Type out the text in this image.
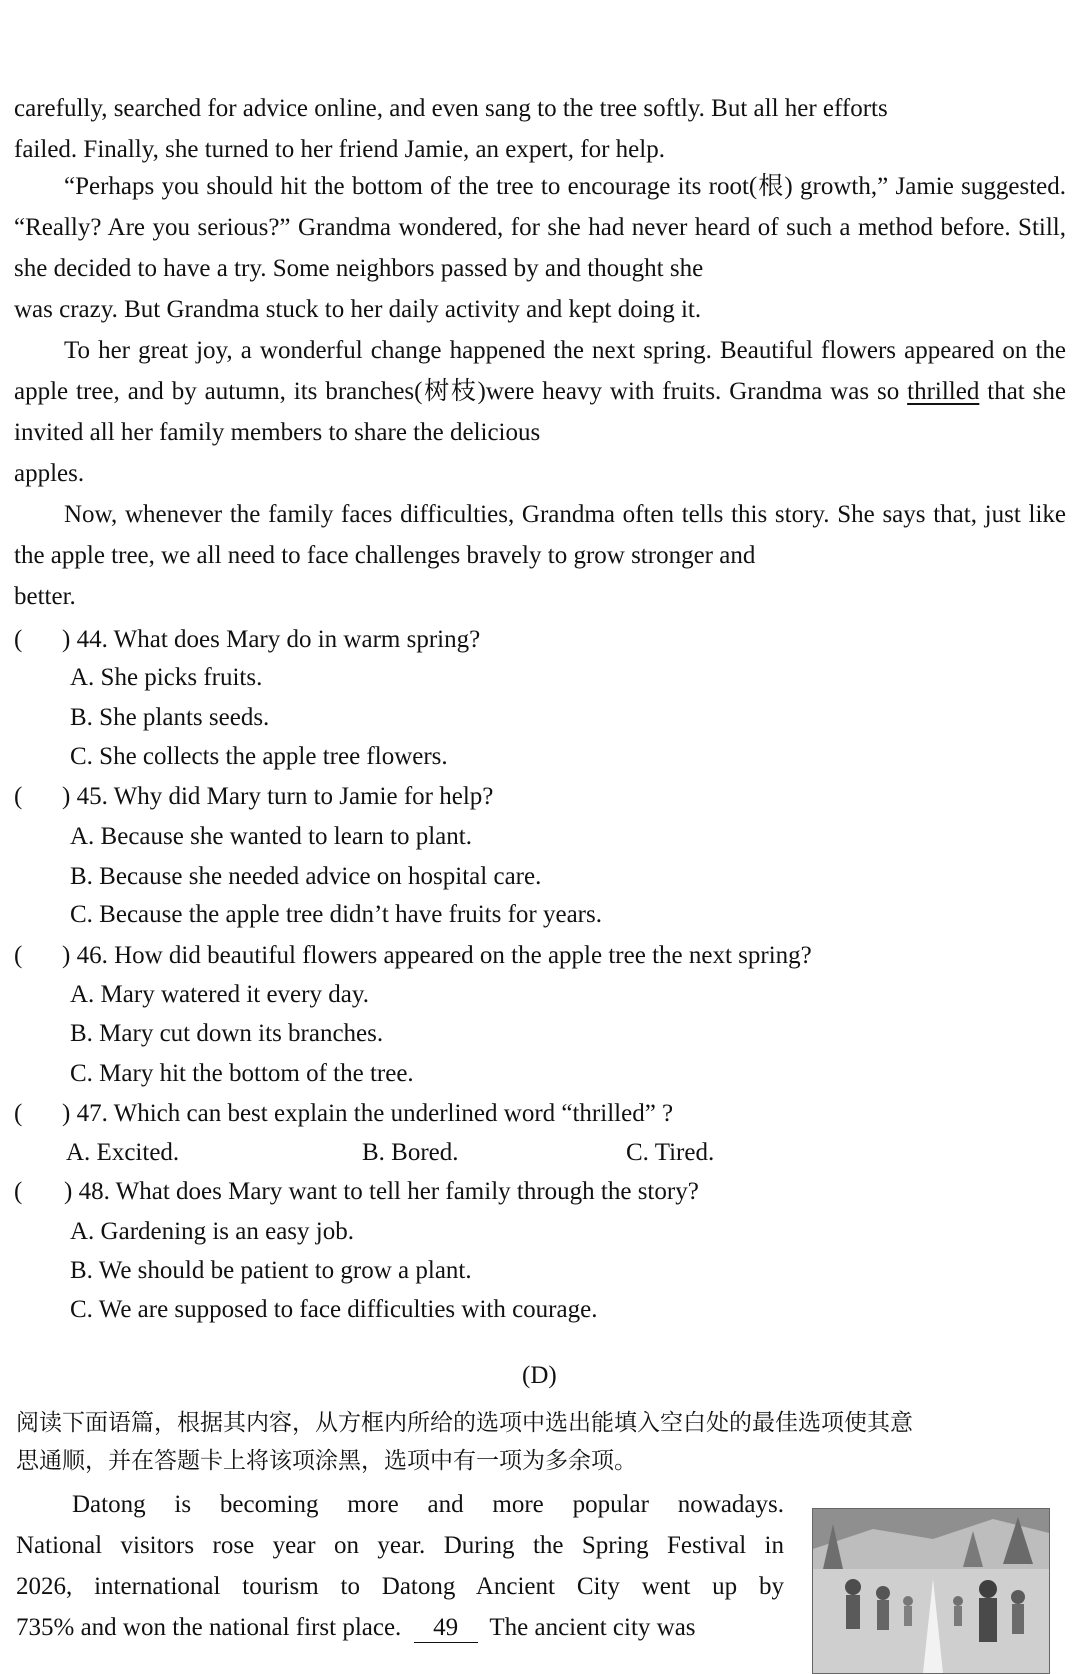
carefully, searched for advice online, and even sang to the tree softly. But all her efforts
failed. Finally, she turned to her friend Jamie, an expert, for help.
“Perhaps you should hit the bottom of the tree to encourage its root(根) growth,” Jamie suggested. “Really? Are you serious?” Grandma wondered, for she had never heard of such a method before. Still, she decided to have a try. Some neighbors passed by and thought she
was crazy. But Grandma stuck to her daily activity and kept doing it.
To her great joy, a wonderful change happened the next spring. Beautiful flowers appeared on the apple tree, and by autumn, its branches(树枝)were heavy with fruits. Grandma was so thrilled that she invited all her family members to share the delicious
apples.
Now, whenever the family faces difficulties, Grandma often tells this story. She says that, just like the apple tree, we all need to face challenges bravely to grow stronger and
better.
( ) 44. What does Mary do in warm spring?
A. She picks fruits.
B. She plants seeds.
C. She collects the apple tree flowers.
( ) 45. Why did Mary turn to Jamie for help?
A. Because she wanted to learn to plant.
B. Because she needed advice on hospital care.
C. Because the apple tree didn’t have fruits for years.
( ) 46. How did beautiful flowers appeared on the apple tree the next spring?
A. Mary watered it every day.
B. Mary cut down its branches.
C. Mary hit the bottom of the tree.
( ) 47. Which can best explain the underlined word “thrilled” ?
A. Excited.	B. Bored.	C. Tired.
( ) 48. What does Mary want to tell her family through the story?
A. Gardening is an easy job.
B. We should be patient to grow a plant.
C. We are supposed to face difficulties with courage.
(D)
阅读下面语篇，根据其内容，从方框内所给的选项中选出能填入空白处的最佳选项使其意
思通顺，并在答题卡上将该项涂黑，选项中有一项为多余项。
Datong is becoming more and more popular nowadays.
National visitors rose year on year. During the Spring Festival in
2026, international tourism to Datong Ancient City went up by
735% and won the national first place. 49 The ancient city was
